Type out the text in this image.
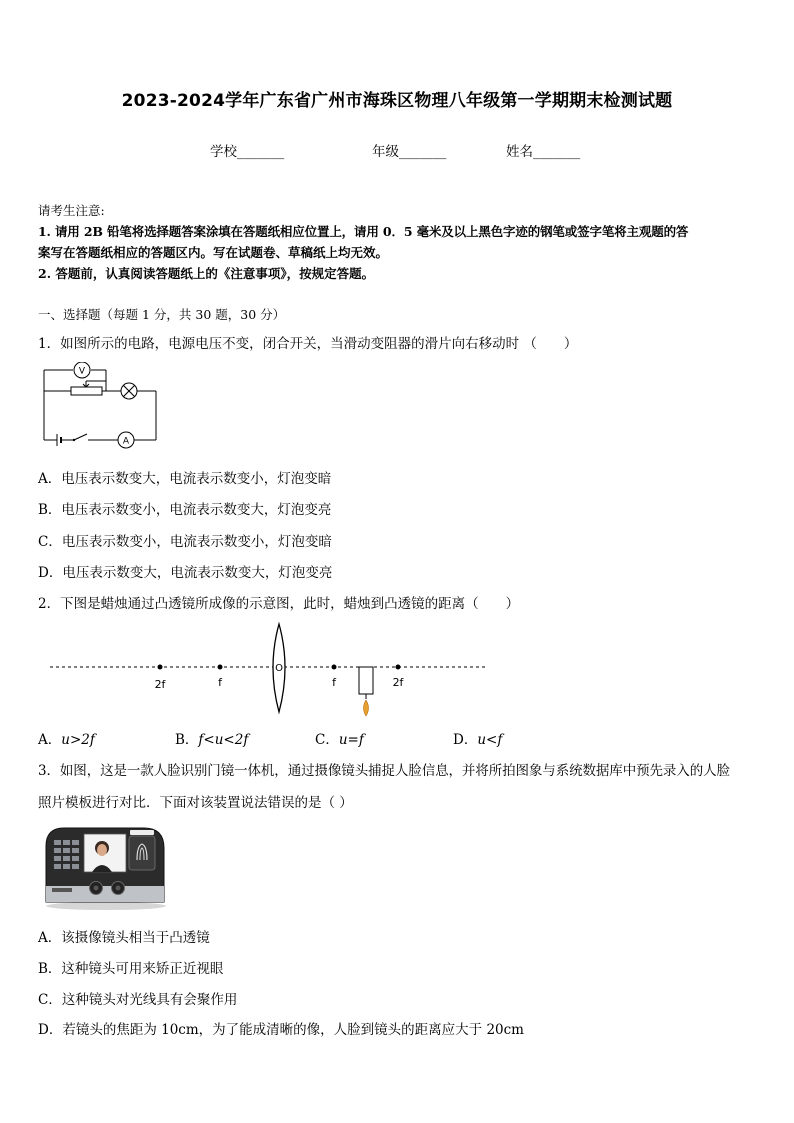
2023-2024学年广东省广州市海珠区物理八年级第一学期期末检测试题
学校_______	年级_______	姓名_______
请考生注意:
1. 请用 2B 铅笔将选择题答案涂填在答题纸相应位置上，请用 0．5 毫米及以上黑色字迹的钢笔或签字笔将主观题的答
案写在答题纸相应的答题区内。写在试题卷、草稿纸上均无效。
2. 答题前，认真阅读答题纸上的《注意事项》，按规定答题。
一、选择题（每题 1 分，共 30 题，30 分）
1．如图所示的电路，电源电压不变，闭合开关，当滑动变阻器的滑片向右移动时 （　　）
V
A
A．电压表示数变大，电流表示数变小，灯泡变暗
B．电压表示数变小，电流表示数变大，灯泡变亮
C．电压表示数变小，电流表示数变小，灯泡变暗
D．电压表示数变大，电流表示数变大，灯泡变亮
2．下图是蜡烛通过凸透镜所成像的示意图，此时，蜡烛到凸透镜的距离（　　）
2f	f	f	2f
O
A．u>2f	B．f<u<2f	C．u=f	D．u<f
3．如图，这是一款人脸识别门镜一体机，通过摄像镜头捕捉人脸信息，并将所拍图象与系统数据库中预先录入的人脸
照片模板进行对比．下面对该装置说法错误的是（ ）
A．该摄像镜头相当于凸透镜
B．这种镜头可用来矫正近视眼
C．这种镜头对光线具有会聚作用
D．若镜头的焦距为 10cm，为了能成清晰的像，人脸到镜头的距离应大于 20cm
